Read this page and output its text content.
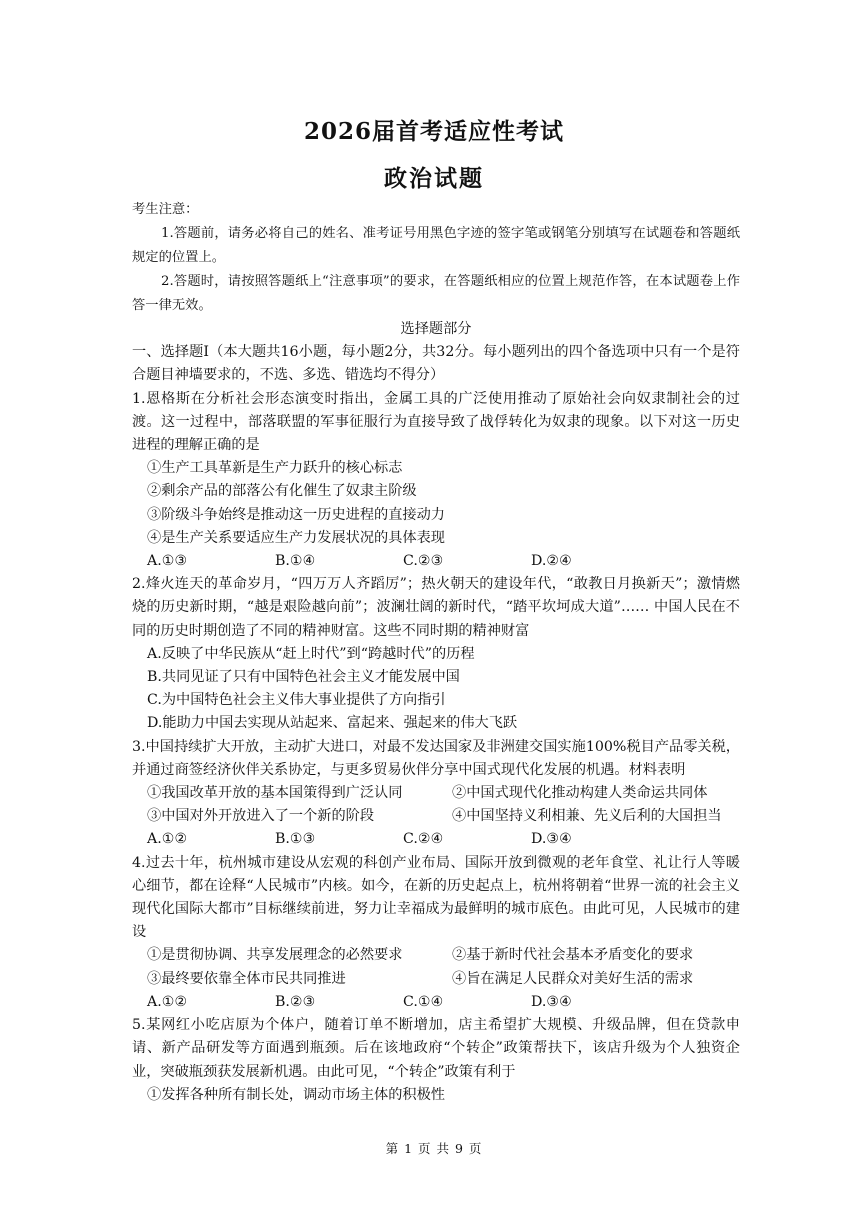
2026届首考适应性考试
政治试题

考生注意：

1.答题前，请务必将自己的姓名、准考证号用黑色字迹的签字笔或钢笔分别填写在试题卷和答题纸规定的位置上。

2.答题时，请按照答题纸上“注意事项”的要求，在答题纸相应的位置上规范作答，在本试题卷上作答一律无效。

选择题部分

一、选择题Ⅰ（本大题共16小题，每小题2分，共32分。每小题列出的四个备选项中只有一个是符合题目神墙要求的，不选、多选、错选均不得分）

1.恩格斯在分析社会形态演变时指出，金属工具的广泛使用推动了原始社会向奴隶制社会的过渡。这一过程中，部落联盟的军事征服行为直接导致了战俘转化为奴隶的现象。以下对这一历史进程的理解正确的是

①生产工具革新是生产力跃升的核心标志

②剩余产品的部落公有化催生了奴隶主阶级

③阶级斗争始终是推动这一历史进程的直接动力

④是生产关系要适应生产力发展状况的具体表现

A.①③	B.①④	C.②③	D.②④

2.烽火连天的革命岁月，“四万万人齐蹈厉”；热火朝天的建设年代，“敢教日月换新天”；激情燃烧的历史新时期，“越是艰险越向前”；波澜壮阔的新时代，“踏平坎坷成大道”…… 中国人民在不同的历史时期创造了不同的精神财富。这些不同时期的精神财富

A.反映了中华民族从“赶上时代”到“跨越时代”的历程

B.共同见证了只有中国特色社会主义才能发展中国

C.为中国特色社会主义伟大事业提供了方向指引

D.能助力中国去实现从站起来、富起来、强起来的伟大飞跃

3.中国持续扩大开放，主动扩大进口，对最不发达国家及非洲建交国实施100%税目产品零关税，并通过商签经济伙伴关系协定，与更多贸易伙伴分享中国式现代化发展的机遇。材料表明

①我国改革开放的基本国策得到广泛认同	②中国式现代化推动构建人类命运共同体
③中国对外开放进入了一个新的阶段	④中国坚持义利相兼、先义后利的大国担当
A.①②	B.①③	C.②④	D.③④

4.过去十年，杭州城市建设从宏观的科创产业布局、国际开放到微观的老年食堂、礼让行人等暖心细节，都在诠释“人民城市”内核。如今，在新的历史起点上，杭州将朝着“世界一流的社会主义现代化国际大都市”目标继续前进，努力让幸福成为最鲜明的城市底色。由此可见，人民城市的建设

①是贯彻协调、共享发展理念的必然要求	②基于新时代社会基本矛盾变化的要求
③最终要依靠全体市民共同推进	④旨在满足人民群众对美好生活的需求
A.①②	B.②③	C.①④	D.③④

5.某网红小吃店原为个体户，随着订单不断增加，店主希望扩大规模、升级品牌，但在贷款申请、新产品研发等方面遇到瓶颈。后在该地政府“个转企”政策帮扶下，该店升级为个人独资企业，突破瓶颈获发展新机遇。由此可见，“个转企”政策有利于

①发挥各种所有制长处，调动市场主体的积极性

第 1 页 共 9 页
